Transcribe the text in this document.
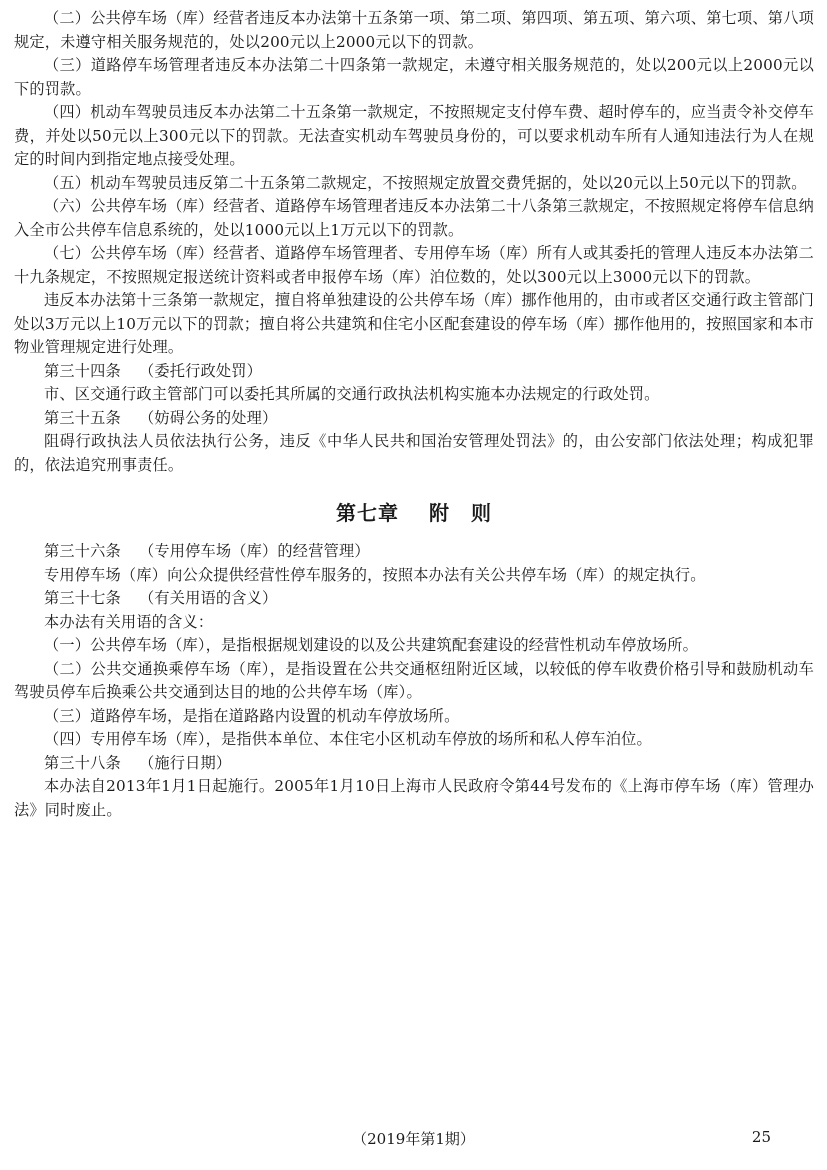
（二）公共停车场（库）经营者违反本办法第十五条第一项、第二项、第四项、第五项、第六项、第七项、第八项规定，未遵守相关服务规范的，处以200元以上2000元以下的罚款。

（三）道路停车场管理者违反本办法第二十四条第一款规定，未遵守相关服务规范的，处以200元以上2000元以下的罚款。

（四）机动车驾驶员违反本办法第二十五条第一款规定，不按照规定支付停车费、超时停车的，应当责令补交停车费，并处以50元以上300元以下的罚款。无法查实机动车驾驶员身份的，可以要求机动车所有人通知违法行为人在规定的时间内到指定地点接受处理。

（五）机动车驾驶员违反第二十五条第二款规定，不按照规定放置交费凭据的，处以20元以上50元以下的罚款。

（六）公共停车场（库）经营者、道路停车场管理者违反本办法第二十八条第三款规定，不按照规定将停车信息纳入全市公共停车信息系统的，处以1000元以上1万元以下的罚款。

（七）公共停车场（库）经营者、道路停车场管理者、专用停车场（库）所有人或其委托的管理人违反本办法第二十九条规定，不按照规定报送统计资料或者申报停车场（库）泊位数的，处以300元以上3000元以下的罚款。

违反本办法第十三条第一款规定，擅自将单独建设的公共停车场（库）挪作他用的，由市或者区交通行政主管部门处以3万元以上10万元以下的罚款；擅自将公共建筑和住宅小区配套建设的停车场（库）挪作他用的，按照国家和本市物业管理规定进行处理。

第三十四条 （委托行政处罚）

市、区交通行政主管部门可以委托其所属的交通行政执法机构实施本办法规定的行政处罚。

第三十五条 （妨碍公务的处理）

阻碍行政执法人员依法执行公务，违反《中华人民共和国治安管理处罚法》的，由公安部门依法处理；构成犯罪的，依法追究刑事责任。

第七章 附　则

第三十六条 （专用停车场（库）的经营管理）

专用停车场（库）向公众提供经营性停车服务的，按照本办法有关公共停车场（库）的规定执行。

第三十七条 （有关用语的含义）

本办法有关用语的含义：

（一）公共停车场（库），是指根据规划建设的以及公共建筑配套建设的经营性机动车停放场所。

（二）公共交通换乘停车场（库），是指设置在公共交通枢纽附近区域，以较低的停车收费价格引导和鼓励机动车驾驶员停车后换乘公共交通到达目的地的公共停车场（库）。

（三）道路停车场，是指在道路路内设置的机动车停放场所。

（四）专用停车场（库），是指供本单位、本住宅小区机动车停放的场所和私人停车泊位。

第三十八条 （施行日期）

本办法自2013年1月1日起施行。2005年1月10日上海市人民政府令第44号发布的《上海市停车场（库）管理办法》同时废止。

（2019年第1期）	25
